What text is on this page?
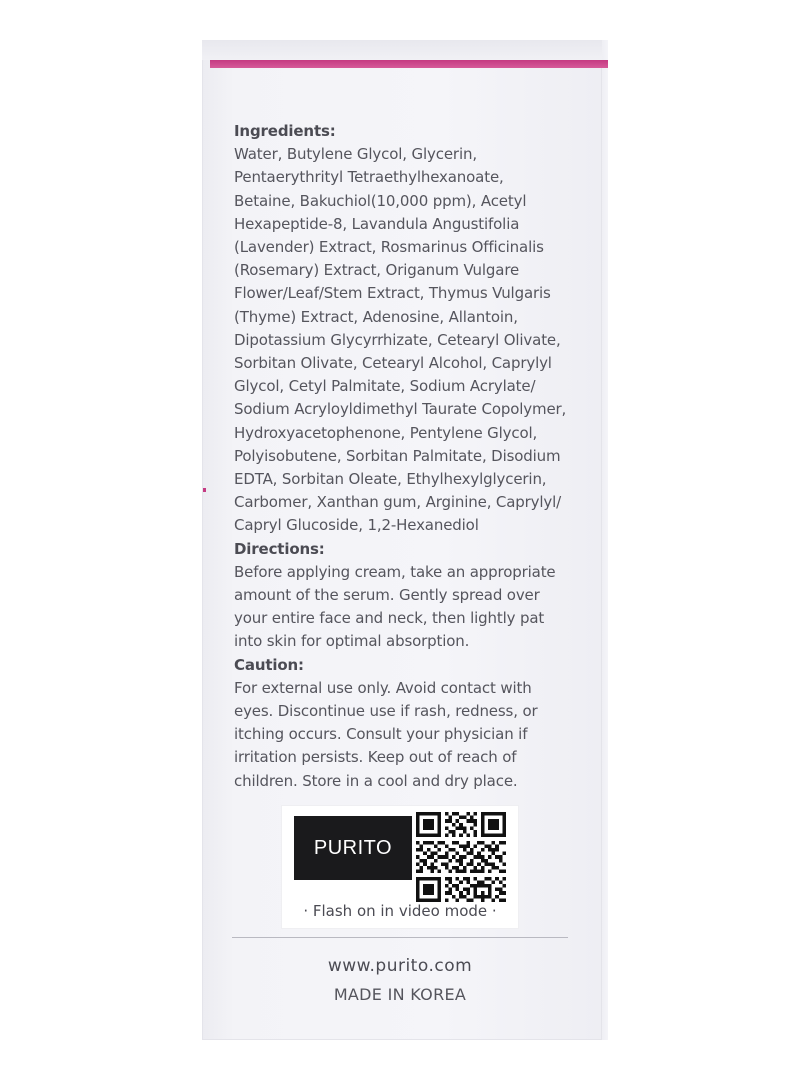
Ingredients:
Water, Butylene Glycol, Glycerin,
Pentaerythrityl Tetraethylhexanoate,
Betaine, Bakuchiol(10,000 ppm), Acetyl
Hexapeptide-8, Lavandula Angustifolia
(Lavender) Extract, Rosmarinus Officinalis
(Rosemary) Extract, Origanum Vulgare
Flower/Leaf/Stem Extract, Thymus Vulgaris
(Thyme) Extract, Adenosine, Allantoin,
Dipotassium Glycyrrhizate, Cetearyl Olivate,
Sorbitan Olivate, Cetearyl Alcohol, Caprylyl
Glycol, Cetyl Palmitate, Sodium Acrylate/
Sodium Acryloyldimethyl Taurate Copolymer,
Hydroxyacetophenone, Pentylene Glycol,
Polyisobutene, Sorbitan Palmitate, Disodium
EDTA, Sorbitan Oleate, Ethylhexylglycerin,
Carbomer, Xanthan gum, Arginine, Caprylyl/
Capryl Glucoside, 1,2-Hexanediol
Directions:
Before applying cream, take an appropriate
amount of the serum. Gently spread over
your entire face and neck, then lightly pat
into skin for optimal absorption.
Caution:
For external use only. Avoid contact with
eyes. Discontinue use if rash, redness, or
itching occurs. Consult your physician if
irritation persists. Keep out of reach of
children. Store in a cool and dry place.
PURITO
· Flash on in video mode ·
www.purito.com
MADE IN KOREA
